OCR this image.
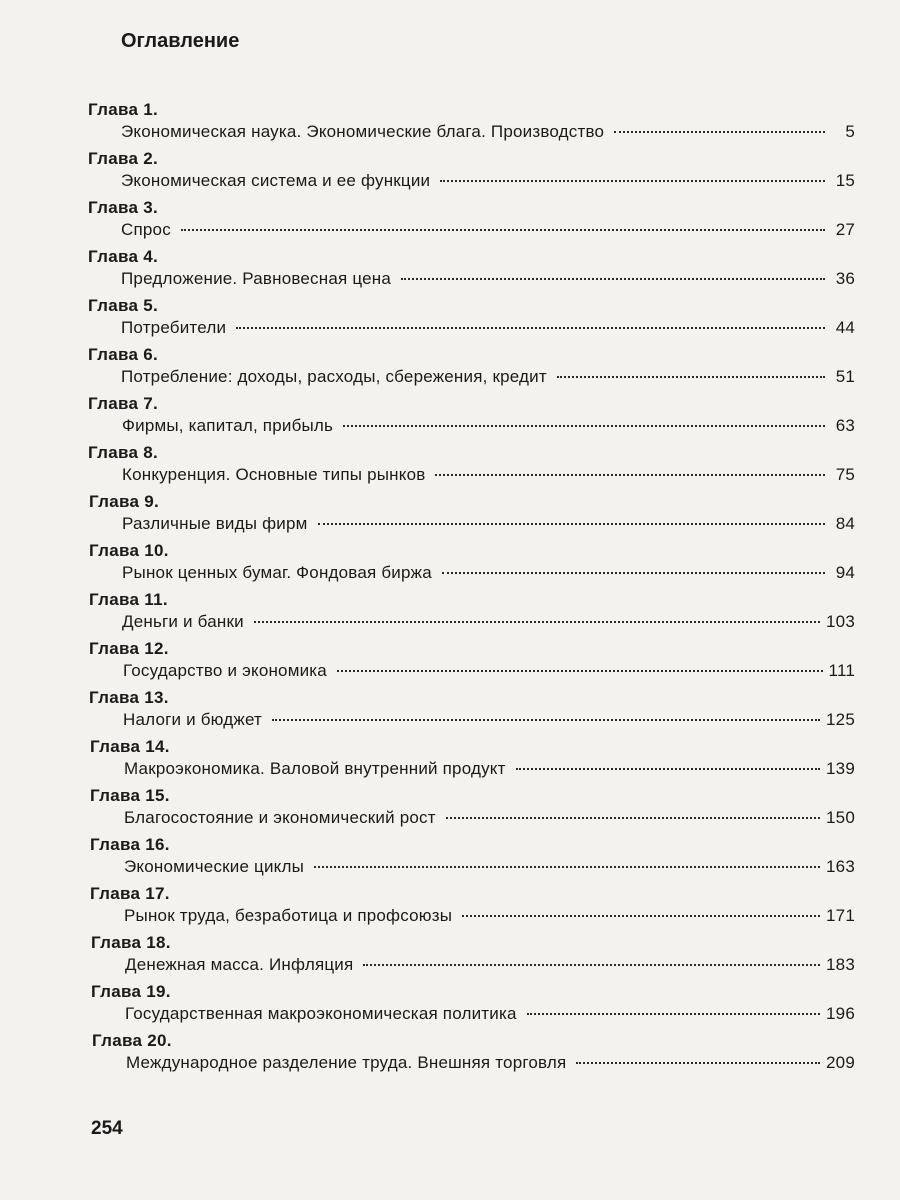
Оглавление
Глава 1.
Экономическая наука. Экономические блага. Производство	5
Глава 2.
Экономическая система и ее функции	15
Глава 3.
Спрос	27
Глава 4.
Предложение. Равновесная цена	36
Глава 5.
Потребители	44
Глава 6.
Потребление: доходы, расходы, сбережения, кредит	51
Глава 7.
Фирмы, капитал, прибыль	63
Глава 8.
Конкуренция. Основные типы рынков	75
Глава 9.
Различные виды фирм	84
Глава 10.
Рынок ценных бумаг. Фондовая биржа	94
Глава 11.
Деньги и банки	103
Глава 12.
Государство и экономика	111
Глава 13.
Налоги и бюджет	125
Глава 14.
Макроэкономика. Валовой внутренний продукт	139
Глава 15.
Благосостояние и экономический рост	150
Глава 16.
Экономические циклы	163
Глава 17.
Рынок труда, безработица и профсоюзы	171
Глава 18.
Денежная масса. Инфляция	183
Глава 19.
Государственная макроэкономическая политика	196
Глава 20.
Международное разделение труда. Внешняя торговля	209
254
